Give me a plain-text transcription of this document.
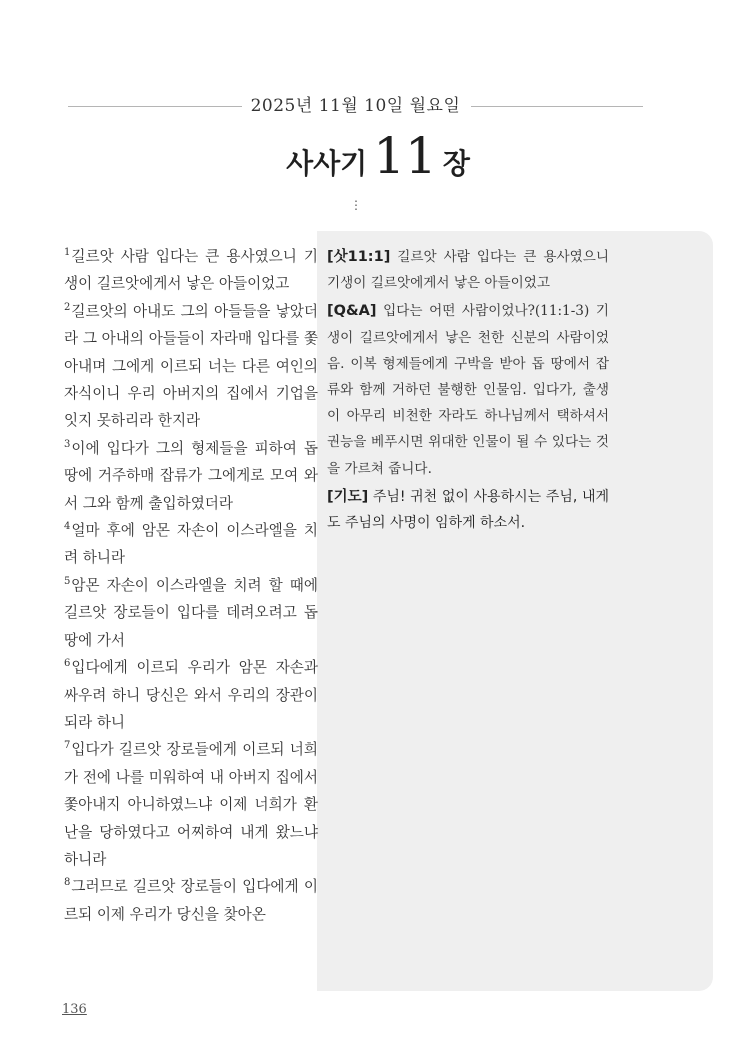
2025년 11월 10일 월요일
사사기 11 장
⋮
$^1$길르앗 사람 입다는 큰 용사였으니 기생이 길르앗에게서 낳은 아들이었고
$^2$길르앗의 아내도 그의 아들들을 낳았더라 그 아내의 아들들이 자라매 입다를 쫓아내며 그에게 이르되 너는 다른 여인의 자식이니 우리 아버지의 집에서 기업을 잇지 못하리라 한지라
$^3$이에 입다가 그의 형제들을 피하여 돕 땅에 거주하매 잡류가 그에게로 모여 와서 그와 함께 출입하였더라
$^4$얼마 후에 암몬 자손이 이스라엘을 치려 하니라
$^5$암몬 자손이 이스라엘을 치려 할 때에 길르앗 장로들이 입다를 데려오려고 돕 땅에 가서
$^6$입다에게 이르되 우리가 암몬 자손과 싸우려 하니 당신은 와서 우리의 장관이 되라 하니
$^7$입다가 길르앗 장로들에게 이르되 너희가 전에 나를 미워하여 내 아버지 집에서 쫓아내지 아니하였느냐 이제 너희가 환난을 당하였다고 어찌하여 내게 왔느냐 하니라
$^8$그러므로 길르앗 장로들이 입다에게 이르되 이제 우리가 당신을 찾아온

[삿11:1] 길르앗 사람 입다는 큰 용사였으니 기생이 길르앗에게서 낳은 아들이었고

[Q&A] 입다는 어떤 사람이었나?(11:1-3) 기생이 길르앗에게서 낳은 천한 신분의 사람이었음. 이복 형제들에게 구박을 받아 돕 땅에서 잡류와 함께 거하던 불행한 인물임. 입다가, 출생이 아무리 비천한 자라도 하나님께서 택하셔서 권능을 베푸시면 위대한 인물이 될 수 있다는 것을 가르쳐 줍니다.

[기도] 주님! 귀천 없이 사용하시는 주님, 내게도 주님의 사명이 임하게 하소서.

136
